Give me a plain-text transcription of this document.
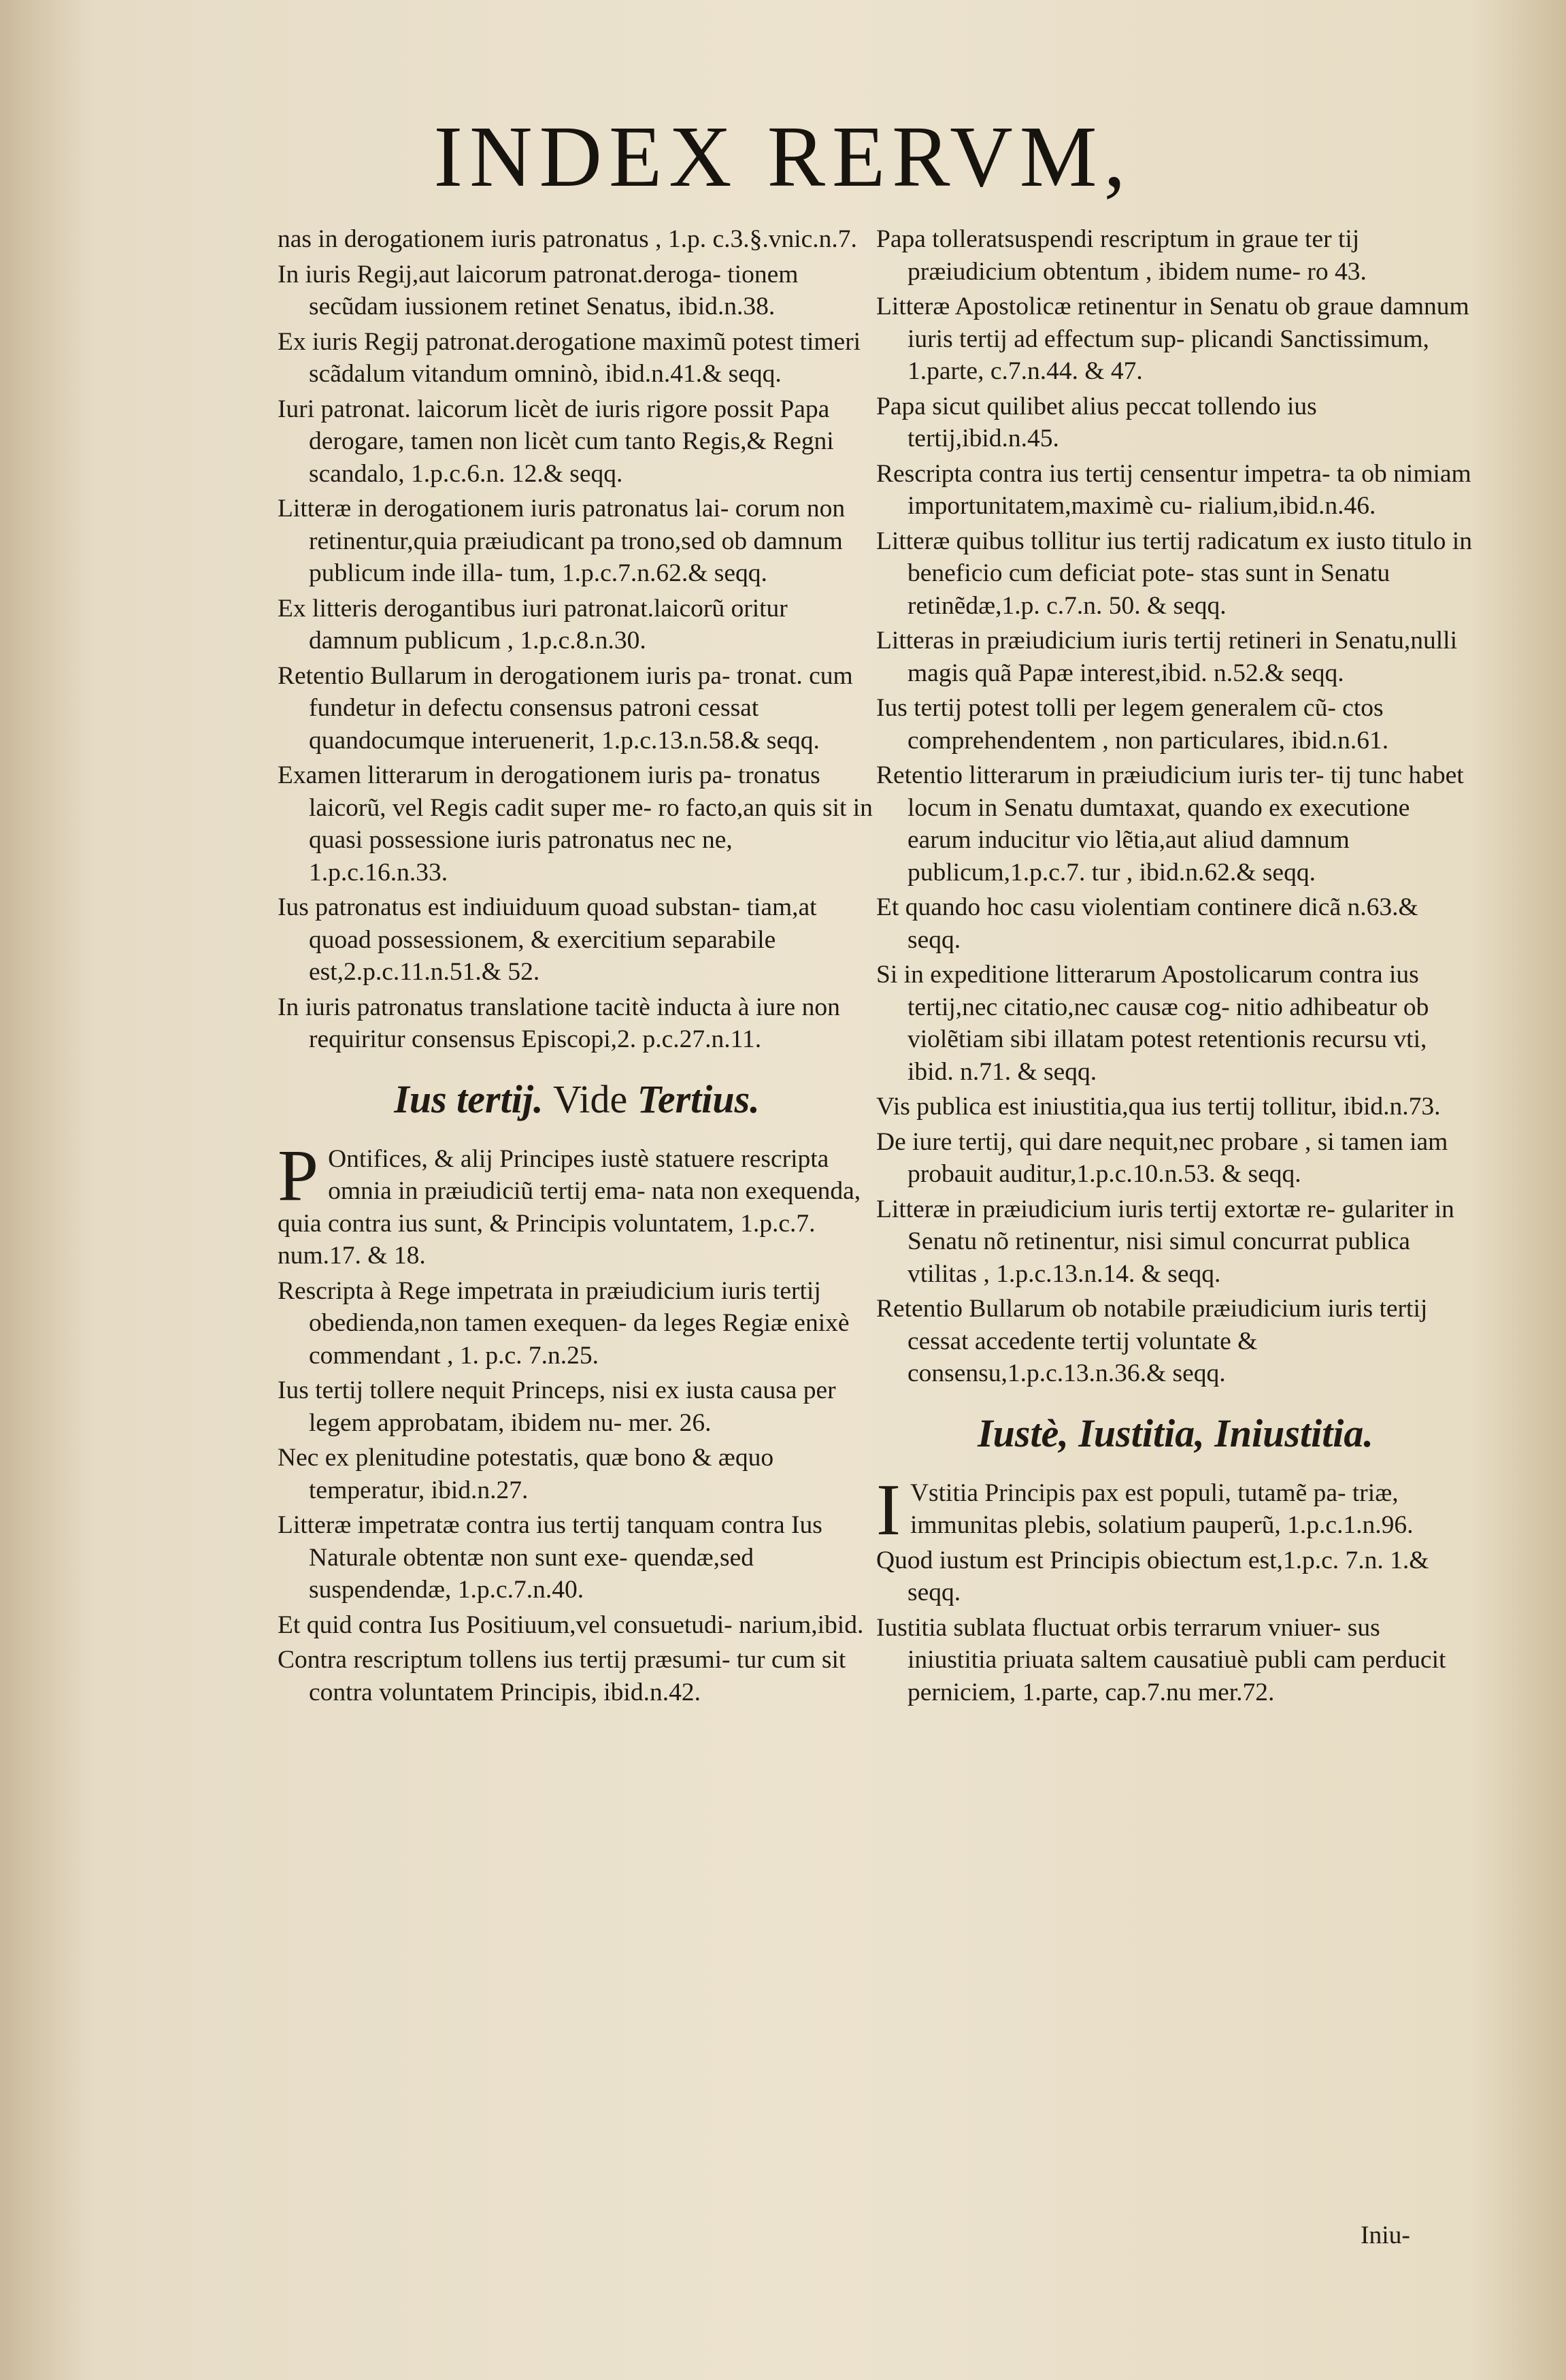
INDEX RERVM,

nas in derogationem iuris patronatus , 1.p. c.3.§.vnic.n.7.

In iuris Regij,aut laicorum patronat.deroga- tionem secũdam iussionem retinet Senatus, ibid.n.38.

Ex iuris Regij patronat.derogatione maximũ potest timeri scãdalum vitandum omninò, ibid.n.41.& seqq.

Iuri patronat. laicorum licèt de iuris rigore possit Papa derogare, tamen non licèt cum tanto Regis,& Regni scandalo, 1.p.c.6.n. 12.& seqq.

Litteræ in derogationem iuris patronatus lai- corum non retinentur,quia præiudicant pa trono,sed ob damnum publicum inde illa- tum, 1.p.c.7.n.62.& seqq.

Ex litteris derogantibus iuri patronat.laicorũ oritur damnum publicum , 1.p.c.8.n.30.

Retentio Bullarum in derogationem iuris pa- tronat. cum fundetur in defectu consensus patroni cessat quandocumque interuenerit, 1.p.c.13.n.58.& seqq.

Examen litterarum in derogationem iuris pa- tronatus laicorũ, vel Regis cadit super me- ro facto,an quis sit in quasi possessione iuris patronatus nec ne, 1.p.c.16.n.33.

Ius patronatus est indiuiduum quoad substan- tiam,at quoad possessionem, & exercitium separabile est,2.p.c.11.n.51.& 52.

In iuris patronatus translatione tacitè inducta à iure non requiritur consensus Episcopi,2. p.c.27.n.11.

Ius tertij. Vide Tertius.

P Ontifices, & alij Principes iustè statuere rescripta omnia in præiudiciũ tertij ema- nata non exequenda, quia contra ius sunt, & Principis voluntatem, 1.p.c.7. num.17. & 18.

Rescripta à Rege impetrata in præiudicium iuris tertij obedienda,non tamen exequen- da leges Regiæ enixè commendant , 1. p.c. 7.n.25.

Ius tertij tollere nequit Princeps, nisi ex iusta causa per legem approbatam, ibidem nu- mer. 26.

Nec ex plenitudine potestatis, quæ bono & æquo temperatur, ibid.n.27.

Litteræ impetratæ contra ius tertij tanquam contra Ius Naturale obtentæ non sunt exe- quendæ,sed suspendendæ, 1.p.c.7.n.40.

Et quid contra Ius Positiuum,vel consuetudi- narium,ibid.

Contra rescriptum tollens ius tertij præsumi- tur cum sit contra voluntatem Principis, ibid.n.42.

Papa tolleratsuspendi rescriptum in graue ter tij præiudicium obtentum , ibidem nume- ro 43.

Litteræ Apostolicæ retinentur in Senatu ob graue damnum iuris tertij ad effectum sup- plicandi Sanctissimum, 1.parte, c.7.n.44. & 47.

Papa sicut quilibet alius peccat tollendo ius tertij,ibid.n.45.

Rescripta contra ius tertij censentur impetra- ta ob nimiam importunitatem,maximè cu- rialium,ibid.n.46.

Litteræ quibus tollitur ius tertij radicatum ex iusto titulo in beneficio cum deficiat pote- stas sunt in Senatu retinẽdæ,1.p. c.7.n. 50. & seqq.

Litteras in præiudicium iuris tertij retineri in Senatu,nulli magis quã Papæ interest,ibid. n.52.& seqq.

Ius tertij potest tolli per legem generalem cũ- ctos comprehendentem , non particulares, ibid.n.61.

Retentio litterarum in præiudicium iuris ter- tij tunc habet locum in Senatu dumtaxat, quando ex executione earum inducitur vio lẽtia,aut aliud damnum publicum,1.p.c.7. tur , ibid.n.62.& seqq.

Et quando hoc casu violentiam continere dicã n.63.& seqq.

Si in expeditione litterarum Apostolicarum contra ius tertij,nec citatio,nec causæ cog- nitio adhibeatur ob violẽtiam sibi illatam potest retentionis recursu vti, ibid. n.71. & seqq.

Vis publica est iniustitia,qua ius tertij tollitur, ibid.n.73.

De iure tertij, qui dare nequit,nec probare , si tamen iam probauit auditur,1.p.c.10.n.53. & seqq.

Litteræ in præiudicium iuris tertij extortæ re- gulariter in Senatu nõ retinentur, nisi simul concurrat publica vtilitas , 1.p.c.13.n.14. & seqq.

Retentio Bullarum ob notabile præiudicium iuris tertij cessat accedente tertij voluntate & consensu,1.p.c.13.n.36.& seqq.

Iustè, Iustitia, Iniustitia.

I Vstitia Principis pax est populi, tutamẽ pa- triæ, immunitas plebis, solatium pauperũ, 1.p.c.1.n.96.

Quod iustum est Principis obiectum est,1.p.c. 7.n. 1.& seqq.

Iustitia sublata fluctuat orbis terrarum vniuer- sus iniustitia priuata saltem causatiuè publi cam perducit perniciem, 1.parte, cap.7.nu mer.72.

Iniu-
